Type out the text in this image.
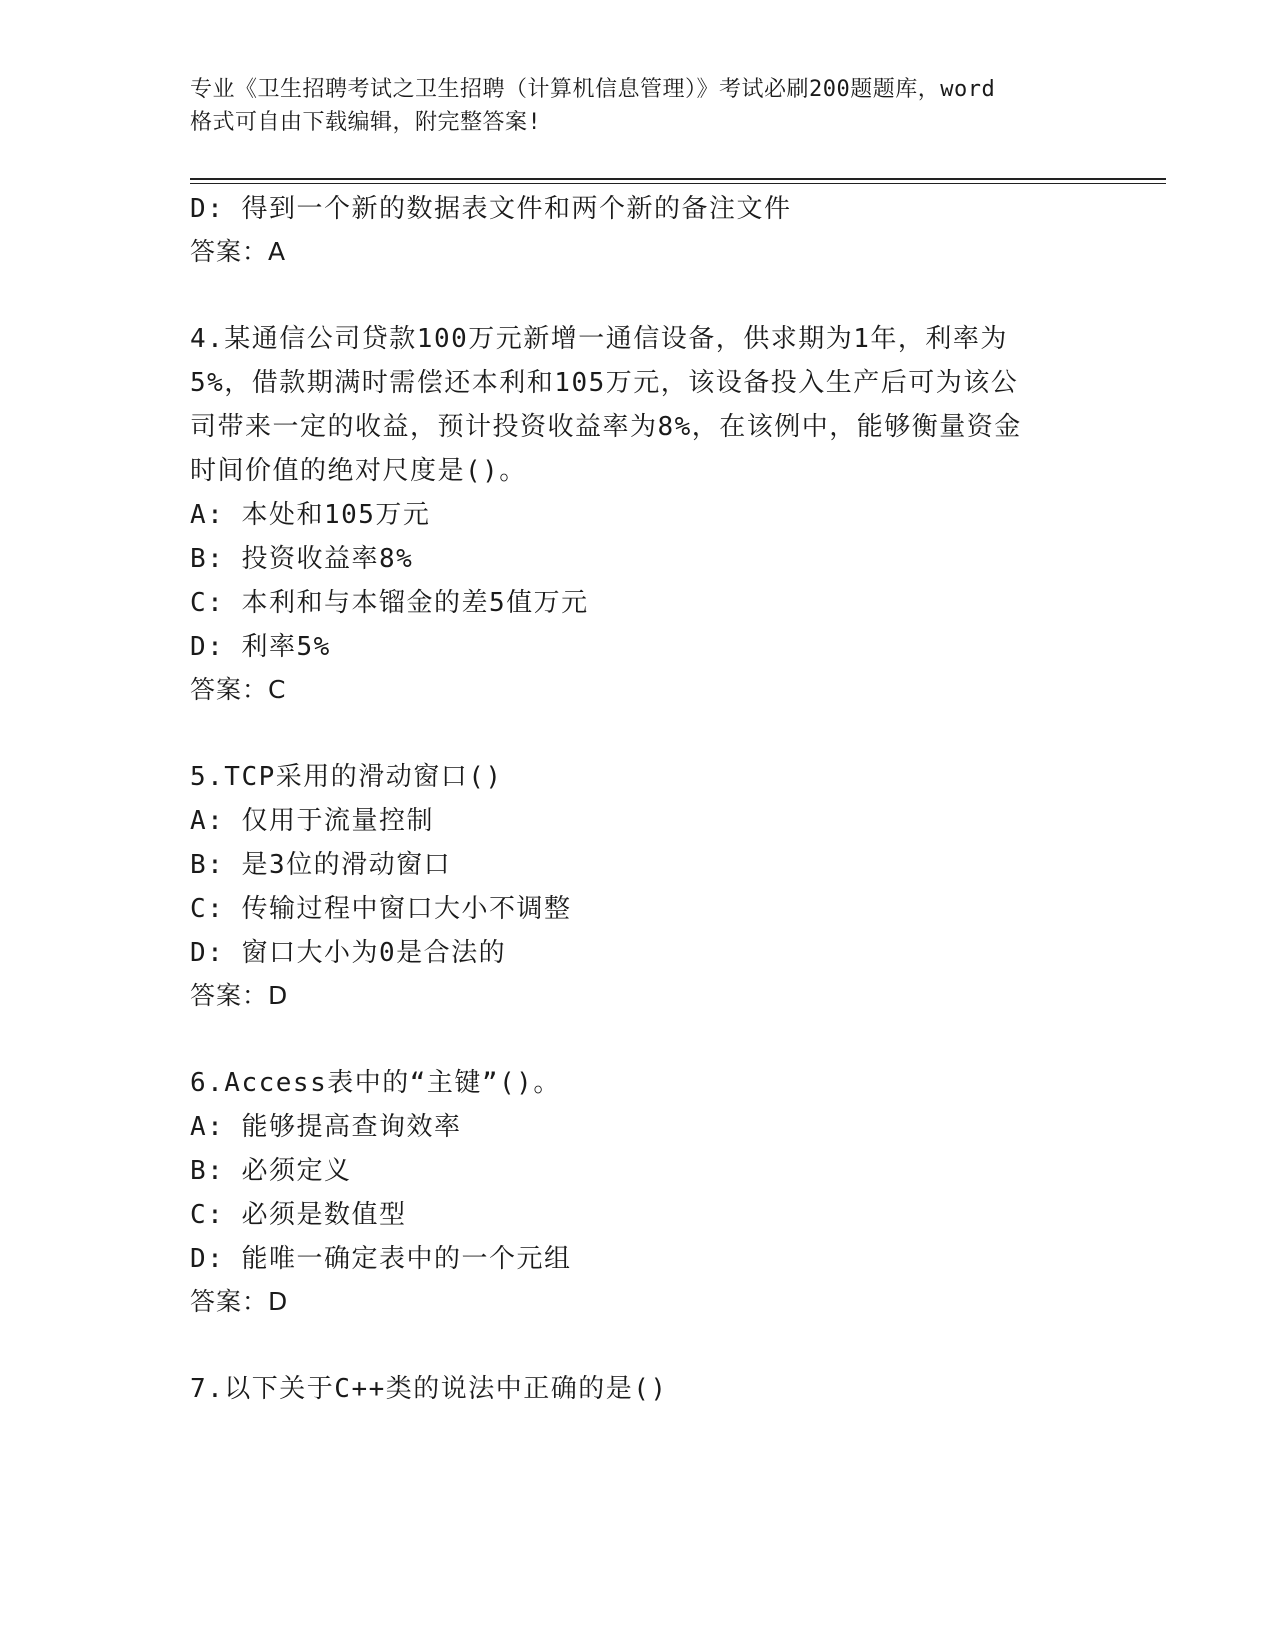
专业《卫生招聘考试之卫生招聘（计算机信息管理）》考试必刷200题题库，word
格式可自由下载编辑，附完整答案!
D: 得到一个新的数据表文件和两个新的备注文件
答案：A
4.某通信公司贷款100万元新增一通信设备，供求期为1年，利率为
5%，借款期满时需偿还本利和105万元，该设备投入生产后可为该公
司带来一定的收益，预计投资收益率为8%，在该例中，能够衡量资金
时间价值的绝对尺度是()。
A: 本处和105万元
B: 投资收益率8%
C: 本利和与本镏金的差5值万元
D: 利率5%
答案：C
5.TCP采用的滑动窗口()
A: 仅用于流量控制
B: 是3位的滑动窗口
C: 传输过程中窗口大小不调整
D: 窗口大小为0是合法的
答案：D
6.Access表中的“主键”()。
A: 能够提高查询效率
B: 必须定义
C: 必须是数值型
D: 能唯一确定表中的一个元组
答案：D
7.以下关于C++类的说法中正确的是()
